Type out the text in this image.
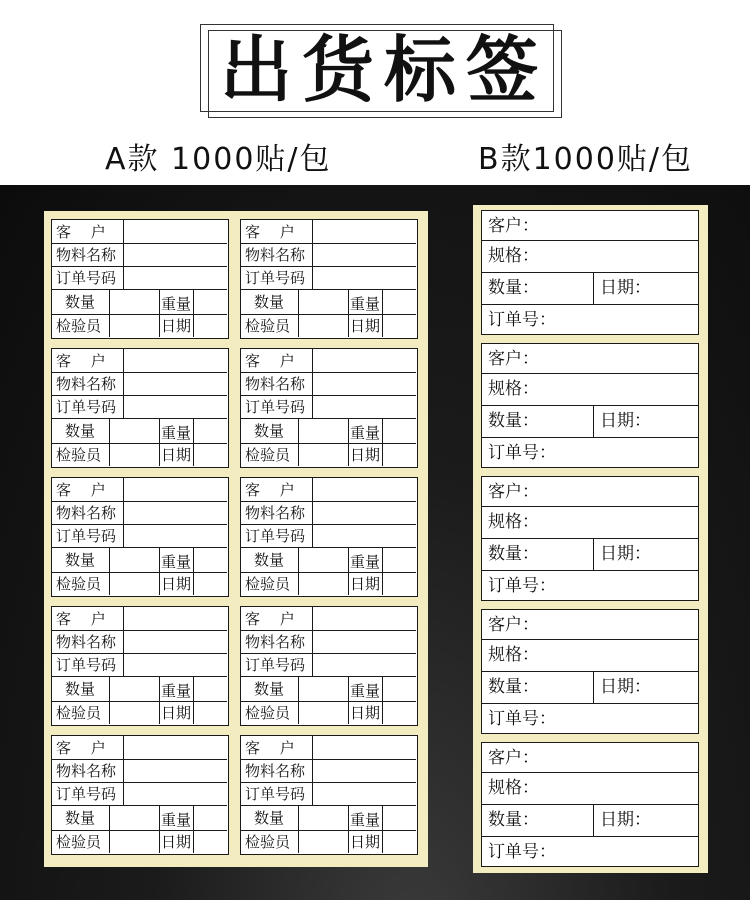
出货标签
A款 1000贴/包	B款1000贴/包
客　 户
物料名称
订单号码
数量	重量
检验员	日期
客　 户
物料名称
订单号码
数量	重量
检验员	日期
客　 户
物料名称
订单号码
数量	重量
检验员	日期
客　 户
物料名称
订单号码
数量	重量
检验员	日期
客　 户
物料名称
订单号码
数量	重量
检验员	日期
客　 户
物料名称
订单号码
数量	重量
检验员	日期
客　 户
物料名称
订单号码
数量	重量
检验员	日期
客　 户
物料名称
订单号码
数量	重量
检验员	日期
客　 户
物料名称
订单号码
数量	重量
检验员	日期
客　 户
物料名称
订单号码
数量	重量
检验员	日期
客户：
规格：
数量：	日期：
订单号：
客户：
规格：
数量：	日期：
订单号：
客户：
规格：
数量：	日期：
订单号：
客户：
规格：
数量：	日期：
订单号：
客户：
规格：
数量：	日期：
订单号：
